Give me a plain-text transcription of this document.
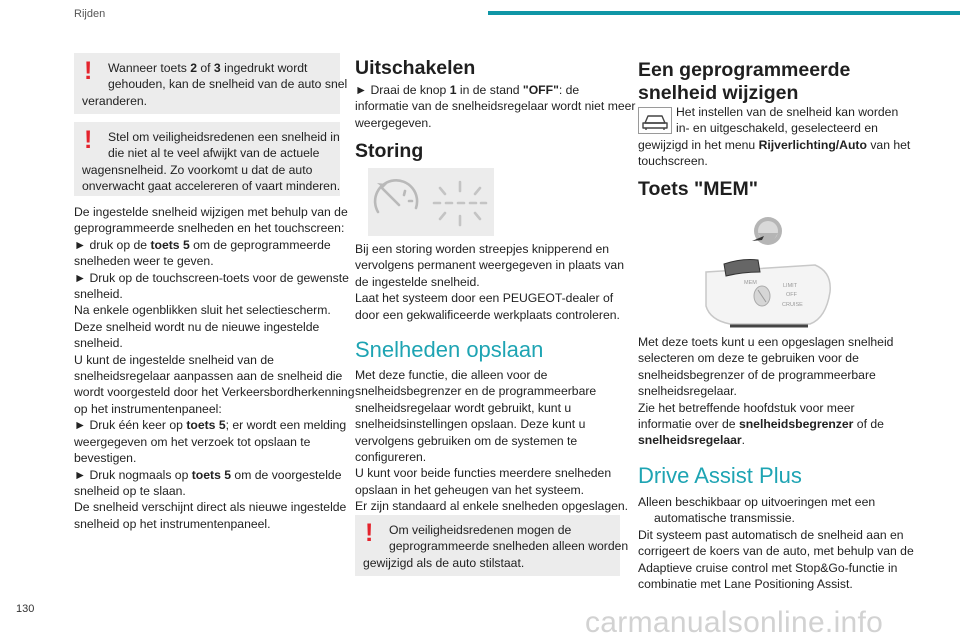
Rijden
!	Wanneer toets 2 of 3 ingedrukt wordt
gehouden, kan de snelheid van de auto snel
veranderen.
!	Stel om veiligheidsredenen een snelheid in
die niet al te veel afwijkt van de actuele
wagensnelheid. Zo voorkomt u dat de auto
onverwacht gaat accelereren of vaart minderen.
De ingestelde snelheid wijzigen met behulp van de
geprogrammeerde snelheden en het touchscreen:
► druk op de toets 5 om de geprogrammeerde
snelheden weer te geven.
► Druk op de touchscreen-toets voor de gewenste
snelheid.
Na enkele ogenblikken sluit het selectiescherm.
Deze snelheid wordt nu de nieuwe ingestelde
snelheid.
U kunt de ingestelde snelheid van de
snelheidsregelaar aanpassen aan de snelheid die
wordt voorgesteld door het Verkeersbordherkenning
op het instrumentenpaneel:
► Druk één keer op toets 5; er wordt een melding
weergegeven om het verzoek tot opslaan te
bevestigen.
► Druk nogmaals op toets 5 om de voorgestelde
snelheid op te slaan.
De snelheid verschijnt direct als nieuwe ingestelde
snelheid op het instrumentenpaneel.
Uitschakelen
► Draai de knop 1 in de stand "OFF": de
informatie van de snelheidsregelaar wordt niet meer
weergegeven.
Storing
Bij een storing worden streepjes knipperend en
vervolgens permanent weergegeven in plaats van
de ingestelde snelheid.
Laat het systeem door een PEUGEOT-dealer of
door een gekwalificeerde werkplaats controleren.
Snelheden opslaan
Met deze functie, die alleen voor de
snelheidsbegrenzer en de programmeerbare
snelheidsregelaar wordt gebruikt, kunt u
snelheidsinstellingen opslaan. Deze kunt u
vervolgens gebruiken om de systemen te
configureren.
U kunt voor beide functies meerdere snelheden
opslaan in het geheugen van het systeem.
Er zijn standaard al enkele snelheden opgeslagen.
!	Om veiligheidsredenen mogen de
geprogrammeerde snelheden alleen worden
gewijzigd als de auto stilstaat.
Een geprogrammeerde
snelheid wijzigen
Het instellen van de snelheid kan worden
in- en uitgeschakeld, geselecteerd en
gewijzigd in het menu Rijverlichting/Auto van het
touchscreen.
Toets "MEM"
MEM	LIMIT
OFF
CRUISE
Met deze toets kunt u een opgeslagen snelheid
selecteren om deze te gebruiken voor de
snelheidsbegrenzer of de programmeerbare
snelheidsregelaar.
Zie het betreffende hoofdstuk voor meer
informatie over de snelheidsbegrenzer of de
snelheidsregelaar.
Drive Assist Plus
Alleen beschikbaar op uitvoeringen met een
automatische transmissie.
Dit systeem past automatisch de snelheid aan en
corrigeert de koers van de auto, met behulp van de
Adaptieve cruise control met Stop&Go-functie in
combinatie met Lane Positioning Assist.
130	carmanualsonline.info
